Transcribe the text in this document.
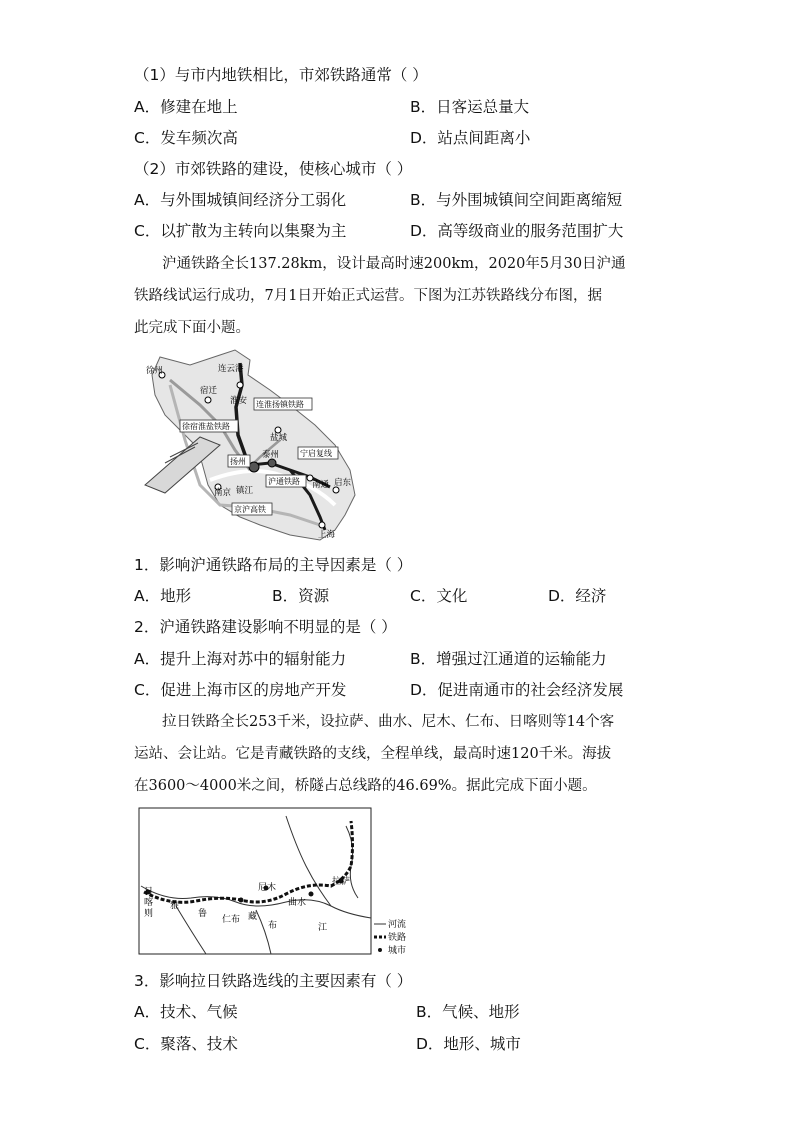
（1）与市内地铁相比，市郊铁路通常（ ）
A．修建在地上	B．日客运总量大
C．发车频次高	D．站点间距离小
（2）市郊铁路的建设，使核心城市（ ）
A．与外围城镇间经济分工弱化	B．与外围城镇间空间距离缩短
C．以扩散为主转向以集聚为主	D．高等级商业的服务范围扩大
沪通铁路全长137.28km，设计最高时速200km，2020年5月30日沪通
铁路线试运行成功，7月1日开始正式运营。下图为江苏铁路线分布图，据
此完成下面小题。
徐州	连云港
宿迁
淮安 连淮扬镇铁路
徐宿淮盐铁路
盐城
宁启复线
泰州
扬州
南通 启东
沪通铁路
镇江
南京
京沪高铁
上海
1．影响沪通铁路布局的主导因素是（ ）
A．地形	B．资源	C．文化	D．经济
2．沪通铁路建设影响不明显的是（ ）
A．提升上海对苏中的辐射能力	B．增强过江通道的运输能力
C．促进上海市区的房地产开发	D．促进南通市的社会经济发展
拉日铁路全长253千米，设拉萨、曲水、尼木、仁布、日喀则等14个客
运站、会让站。它是青藏铁路的支线，全程单线，最高时速120千米。海拔
在3600～4000米之间，桥隧占总线路的46.69%。据此完成下面小题。
日喀则
雅
鲁
仁布 藏
布	江
尼木
曲水
拉萨
河流
铁路
城市
3．影响拉日铁路选线的主要因素有（ ）
A．技术、气候	B．气候、地形
C．聚落、技术	D．地形、城市
